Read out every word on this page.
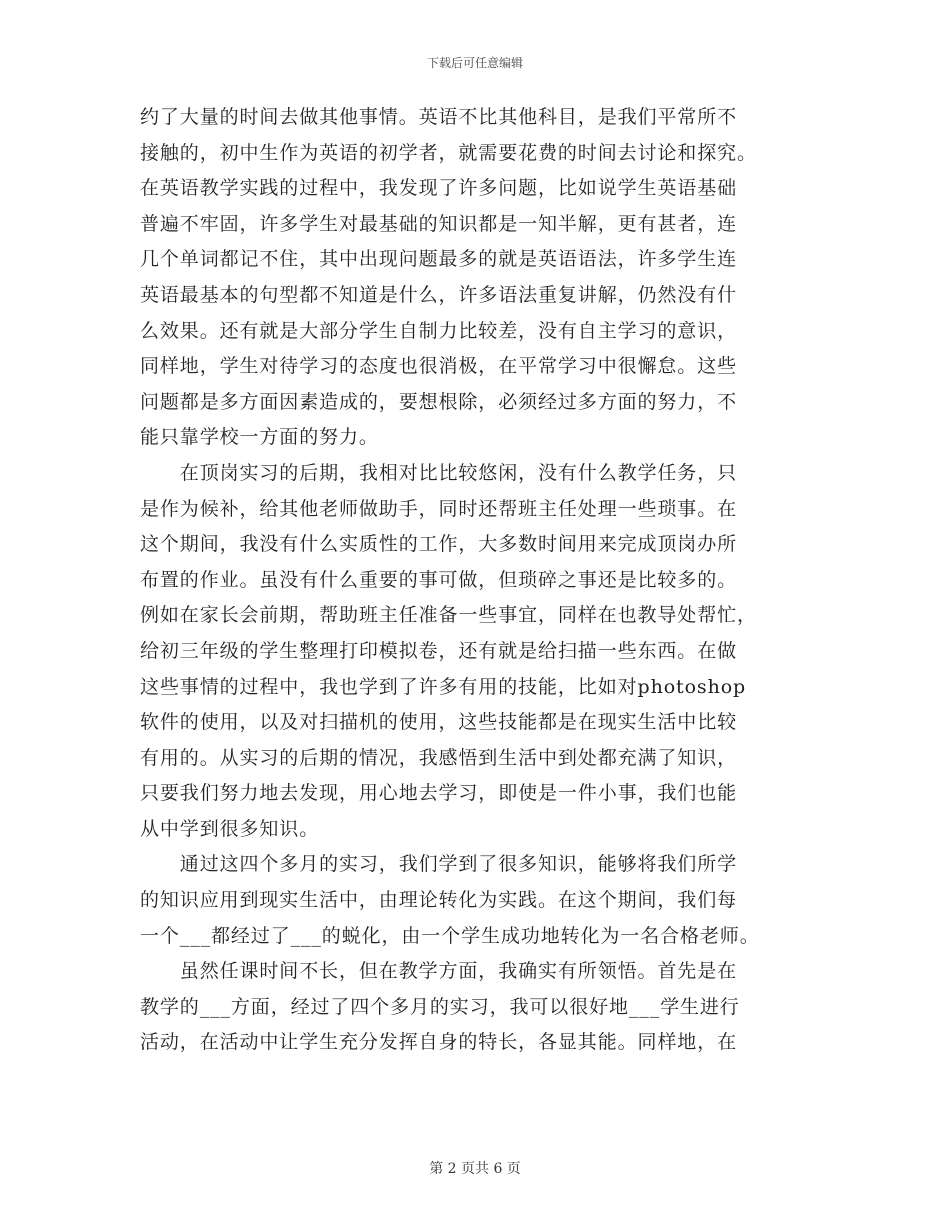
下载后可任意编辑
约了大量的时间去做其他事情。英语不比其他科目，是我们平常所不
接触的，初中生作为英语的初学者，就需要花费的时间去讨论和探究。
在英语教学实践的过程中，我发现了许多问题，比如说学生英语基础
普遍不牢固，许多学生对最基础的知识都是一知半解，更有甚者，连
几个单词都记不住，其中出现问题最多的就是英语语法，许多学生连
英语最基本的句型都不知道是什么，许多语法重复讲解，仍然没有什
么效果。还有就是大部分学生自制力比较差，没有自主学习的意识，
同样地，学生对待学习的态度也很消极，在平常学习中很懈怠。这些
问题都是多方面因素造成的，要想根除，必须经过多方面的努力，不
能只靠学校一方面的努力。
　　在顶岗实习的后期，我相对比比较悠闲，没有什么教学任务，只
是作为候补，给其他老师做助手，同时还帮班主任处理一些琐事。在
这个期间，我没有什么实质性的工作，大多数时间用来完成顶岗办所
布置的作业。虽没有什么重要的事可做，但琐碎之事还是比较多的。
例如在家长会前期，帮助班主任准备一些事宜，同样在也教导处帮忙，
给初三年级的学生整理打印模拟卷，还有就是给扫描一些东西。在做
这些事情的过程中，我也学到了许多有用的技能，比如对photoshop
软件的使用，以及对扫描机的使用，这些技能都是在现实生活中比较
有用的。从实习的后期的情况，我感悟到生活中到处都充满了知识，
只要我们努力地去发现，用心地去学习，即使是一件小事，我们也能
从中学到很多知识。
　　通过这四个多月的实习，我们学到了很多知识，能够将我们所学
的知识应用到现实生活中，由理论转化为实践。在这个期间，我们每
一个___都经过了___的蜕化，由一个学生成功地转化为一名合格老师。
　　虽然任课时间不长，但在教学方面，我确实有所领悟。首先是在
教学的___方面，经过了四个多月的实习，我可以很好地___学生进行
活动，在活动中让学生充分发挥自身的特长，各显其能。同样地，在
第 2 页共 6 页
